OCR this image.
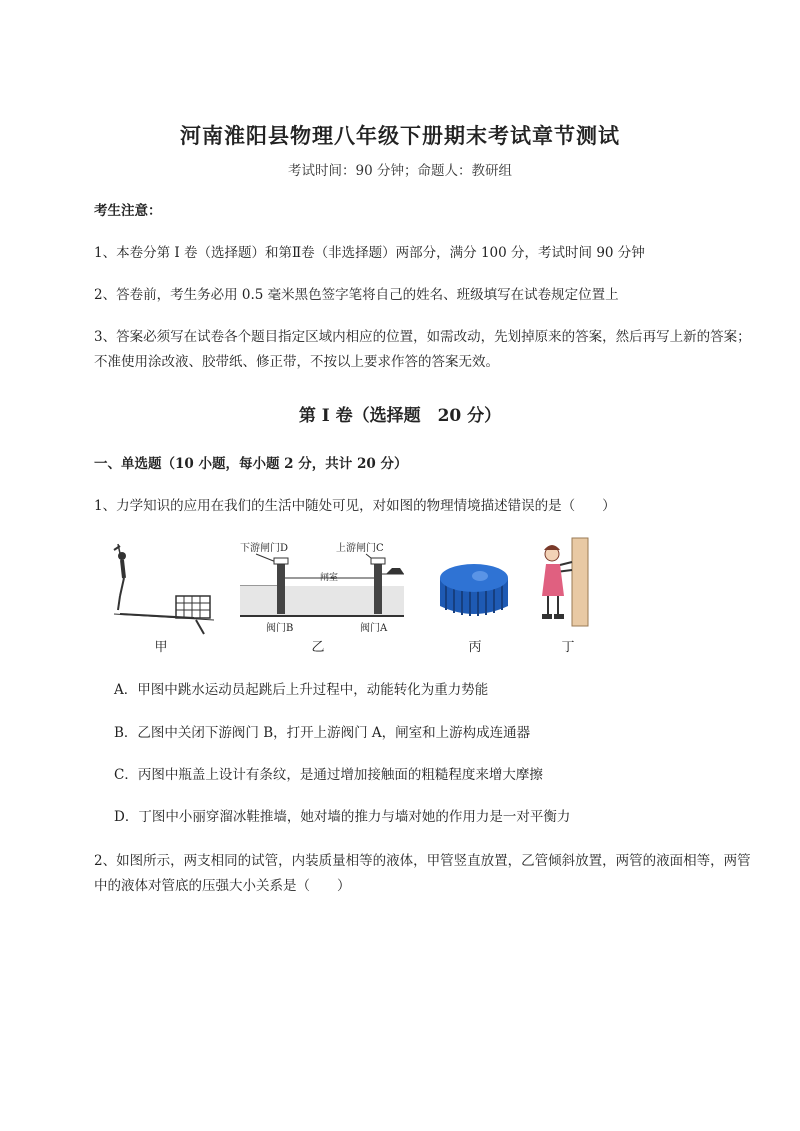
河南淮阳县物理八年级下册期末考试章节测试
考试时间：90 分钟；命题人：教研组
考生注意：
1、本卷分第 I 卷（选择题）和第Ⅱ卷（非选择题）两部分，满分 100 分，考试时间 90 分钟
2、答卷前，考生务必用 0.5 毫米黑色签字笔将自己的姓名、班级填写在试卷规定位置上
3、答案必须写在试卷各个题目指定区域内相应的位置，如需改动，先划掉原来的答案，然后再写上新的答案；不准使用涂改液、胶带纸、修正带，不按以上要求作答的答案无效。
第 I 卷（选择题　20 分）
一、单选题（10 小题，每小题 2 分，共计 20 分）
1、力学知识的应用在我们的生活中随处可见，对如图的物理情境描述错误的是（　　）
甲
下游闸门D	上游闸门C
闸室
阀门B	阀门A
乙	丙	丁
A．甲图中跳水运动员起跳后上升过程中，动能转化为重力势能
B．乙图中关闭下游阀门 B，打开上游阀门 A，闸室和上游构成连通器
C．丙图中瓶盖上设计有条纹，是通过增加接触面的粗糙程度来增大摩擦
D．丁图中小丽穿溜冰鞋推墙，她对墙的推力与墙对她的作用力是一对平衡力
2、如图所示，两支相同的试管，内装质量相等的液体，甲管竖直放置，乙管倾斜放置，两管的液面相等，两管中的液体对管底的压强大小关系是（　　）
